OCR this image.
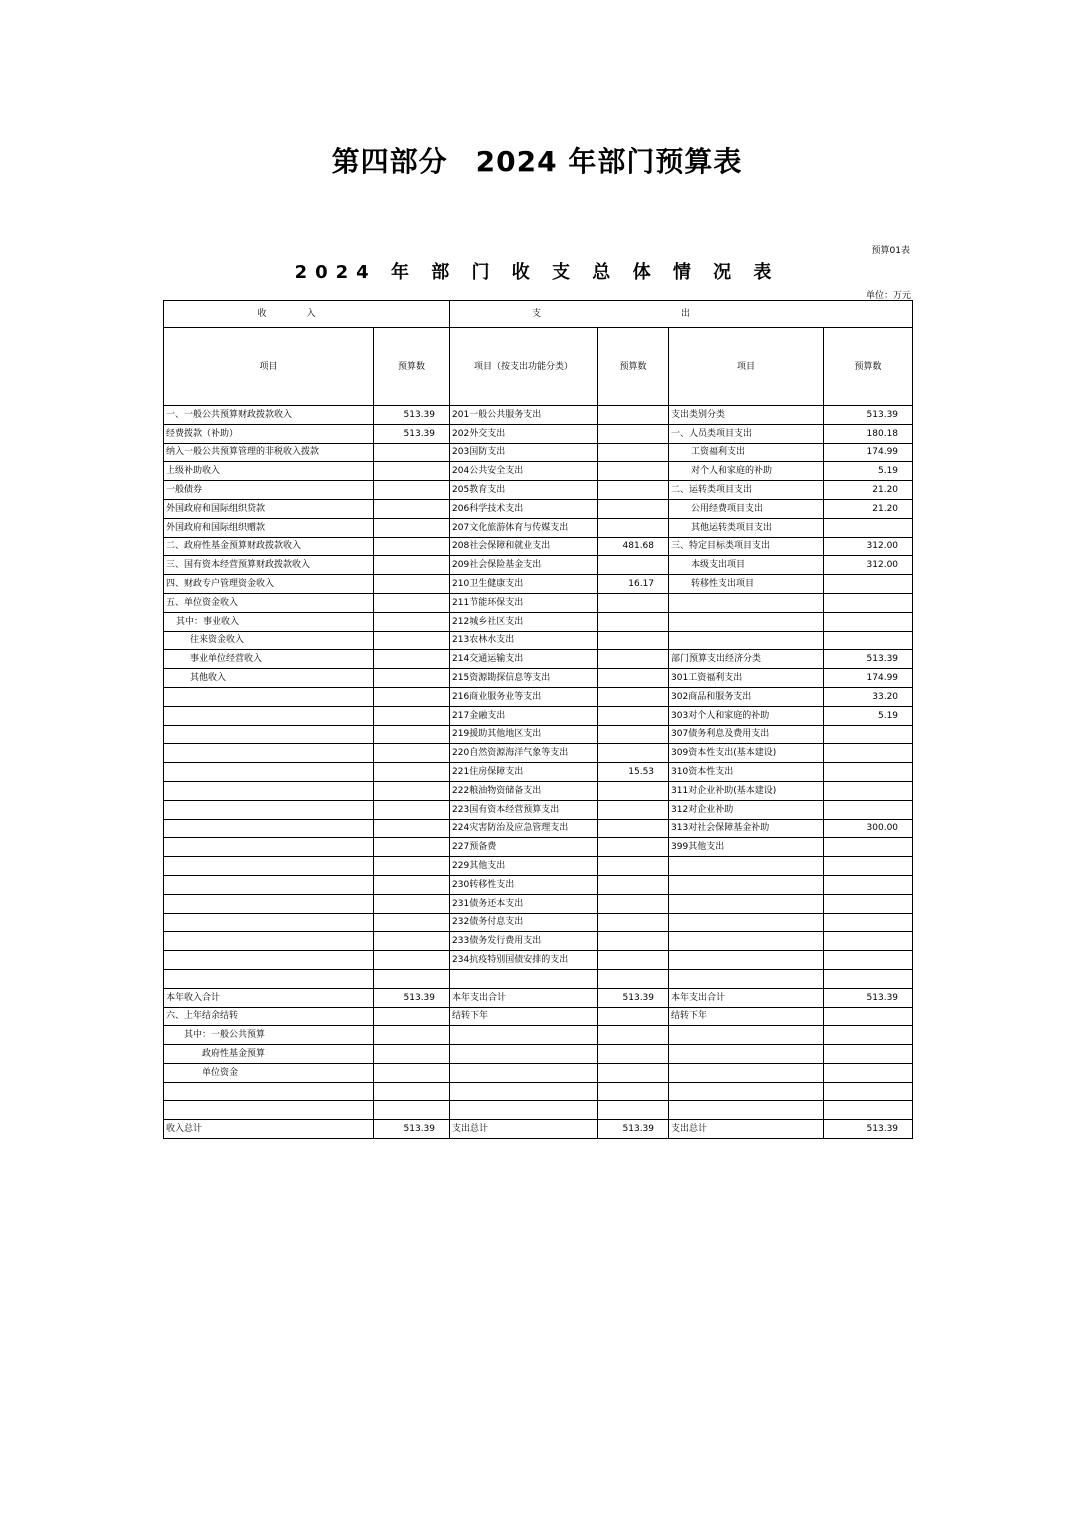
第四部分 2024 年部门预算表
预算01表
2024 年 部 门 收 支 总 体 情 况 表
单位：万元
收入		支出			
项目	预算数	项目（按支出功能分类）	预算数	项目	预算数
一、一般公共预算财政拨款收入	513.39	201一般公共服务支出		支出类别分类	513.39
经费拨款（补助）	513.39	202外交支出		一、人员类项目支出	180.18
纳入一般公共预算管理的非税收入拨款		203国防支出		工资福利支出	174.99
上级补助收入		204公共安全支出		对个人和家庭的补助	5.19
一般债券		205教育支出		二、运转类项目支出	21.20
外国政府和国际组织贷款		206科学技术支出		公用经费项目支出	21.20
外国政府和国际组织赠款		207文化旅游体育与传媒支出		其他运转类项目支出	
二、政府性基金预算财政拨款收入		208社会保障和就业支出	481.68	三、特定目标类项目支出	312.00
三、国有资本经营预算财政拨款收入		209社会保险基金支出		本级支出项目	312.00
四、财政专户管理资金收入		210卫生健康支出	16.17	转移性支出项目	
五、单位资金收入		211节能环保支出			
其中：事业收入		212城乡社区支出			
往来资金收入		213农林水支出			
事业单位经营收入		214交通运输支出		部门预算支出经济分类	513.39
其他收入		215资源勘探信息等支出		301工资福利支出	174.99
		216商业服务业等支出		302商品和服务支出	33.20
		217金融支出		303对个人和家庭的补助	5.19
		219援助其他地区支出		307债务利息及费用支出	
		220自然资源海洋气象等支出		309资本性支出(基本建设)	
		221住房保障支出	15.53	310资本性支出	
		222粮油物资储备支出		311对企业补助(基本建设)	
		223国有资本经营预算支出		312对企业补助	
		224灾害防治及应急管理支出		313对社会保障基金补助	300.00
		227预备费		399其他支出	
		229其他支出			
		230转移性支出			
		231债务还本支出			
		232债务付息支出			
		233债务发行费用支出			
		234抗疫特别国债安排的支出			

本年收入合计	513.39	本年支出合计	513.39	本年支出合计	513.39
六、上年结余结转		结转下年		结转下年	
其中：一般公共预算					
政府性基金预算					
单位资金					

收入总计	513.39	支出总计	513.39	支出总计	513.39
